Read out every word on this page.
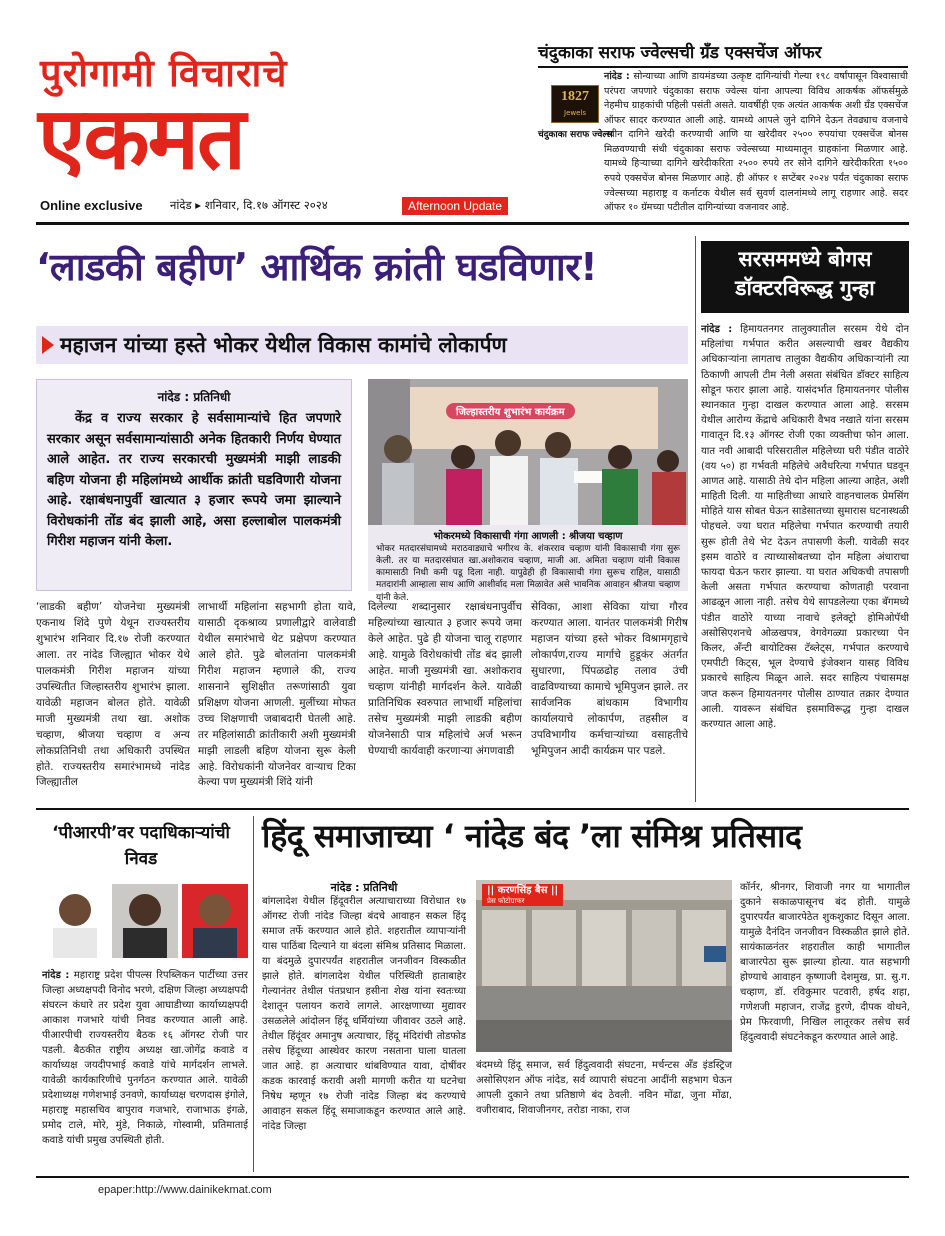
पुरोगामी विचाराचे
एकमत
Online exclusive नांदेड ▸ शनिवार, दि.१७ ऑगस्ट २०२४	Afternoon Update
चंदुकाका सराफ ज्वेल्सची ग्रँड एक्सचेंज ऑफर
1827
Jewels
चंदुकाका सराफ ज्वेल्स
नांदेड : सोन्याच्या आणि डायमंडच्या उत्कृष्ट दागिन्यांची गेल्या १९८ वर्षांपासून विश्वासाची परंपरा जपणारे चंदुकाका सराफ ज्वेल्स यांना आपल्या विविध आकर्षक ऑफर्समुळे नेहमीच ग्राहकांची पहिली पसंती असते. यावर्षीही एक अत्यंत आकर्षक अशी ग्रँड एक्सचेंज ऑफर सादर करण्यात आली आहे. यामध्ये आपले जुने दागिने देऊन तेवढ्याच वजनाचे नवीन दागिने खरेदी करण्याची आणि या खरेदीवर २५०० रुपयांचा एक्सचेंज बोनस मिळवण्याची संधी चंदुकाका सराफ ज्वेल्सच्या माध्यमातून ग्राहकांना मिळणार आहे. यामध्ये हिऱ्याच्या दागिने खरेदीकरिता २५०० रुपये तर सोने दागिने खरेदीकरिता १५०० रुपये एक्सचेंज बोनस मिळणार आहे. ही ऑफर १ सप्टेंबर २०२४ पर्यंत चंदुकाका सराफ ज्वेल्सच्या महाराष्ट्र व कर्नाटक येथील सर्व सुवर्ण दालनांमध्ये लागू राहणार आहे. सदर ऑफर १० ग्रॅमच्या पटीतील दागिन्यांच्या वजनावर आहे.
‘लाडकी बहीण’ आर्थिक क्रांती घडविणार!
महाजन यांच्या हस्ते भोकर येथील विकास कामांचे लोकार्पण
नांदेड : प्रतिनिधी
केंद्र व राज्य सरकार हे सर्वसामान्यांचे हित जपणारे सरकार असून सर्वसामान्यांसाठी अनेक हितकारी निर्णय घेण्यात आले आहेत. तर राज्य सरकारची मुख्यमंत्री माझी लाडकी बहिण योजना ही महिलांमध्ये आर्थीक क्रांती घडविणारी योजना आहे. रक्षाबंधनापुर्वी खात्यात ३ हजार रूपये जमा झाल्याने विरोधकांनी तोंड बंद झाली आहे, असा हल्लाबोल पालकमंत्री गिरीश महाजन यांनी केला.
जिल्हास्तरीय शुभारंभ कार्यक्रम
भोकरमध्ये विकासाची गंगा आणली : श्रीजया चव्हाण
भोकर मतदारसंघामध्ये मराठवाड्याचे भगीरथ के. शंकरराव चव्हाण यांनी विकासाची गंगा सुरू केली. तर या मतदारसंघात खा.अशोकराव चव्हाण, माजी आ. अमिता चव्हाण यांनी विकास कामासाठी निधी कमी पडू दिला नाही. यापुढेही ही विकासाची गंगा सुरूच राहिल, यासाठी मतदारांनी आम्हाला साथ आणि आशीर्वाद मला मिळावेत असे भावनिक आवाहन श्रीजया चव्हाण यांनी केले.
‘लाडकी बहीण’ योजनेचा मुख्यमंत्री एकनाथ शिंदे पुणे येथून राज्यस्तरीय शुभारंभ शनिवार दि.१७ रोजी करण्यात आला. तर नांदेड जिल्ह्यात भोकर येथे पालकमंत्री गिरीश महाजन यांच्या उपस्थितीत जिल्हास्तरीय शुभारंभ झाला. यावेळी महाजन बोलत होते. यावेळी माजी मुख्यमंत्री तथा खा. अशोक चव्हाण, श्रीजया चव्हाण व अन्य लोकप्रतिनिधी तथा अधिकारी उपस्थित होते. राज्यस्तरीय समारंभामध्ये नांदेड जिल्ह्यातील
लाभार्थी महिलांना सहभागी होता यावे, यासाठी दृकश्राव्य प्रणालीद्वारे वालेवाडी येथील समारंभाचे थेट प्रक्षेपण करण्यात आले होते. पुढे बोलतांना पालकमंत्री गिरीश महाजन म्हणाले की, राज्य शासनाने सुशिक्षीत तरूणांसाठी युवा प्रशिक्षण योजना आणली. मुलींच्या मोफत उच्च शिक्षणाची जबाबदारी घेतली आहे. तर महिलांसाठी क्रांतीकारी अशी मुख्यमंत्री माझी लाडली बहिण योजना सुरू केली आहे. विरोधकांनी योजनेवर वाऱ्याच टिका केल्या पण मुख्यमंत्री शिंदे यांनी
दिलेल्या शब्दानुसार रक्षाबंधनापुर्वीच महिल्यांच्या खात्यात ३ हजार रूपये जमा केले आहेत. पुढे ही योजना चालू राहणार आहे. यामुळे विरोधकांची तोंड बंद झाली आहेत. माजी मुख्यमंत्री खा. अशोकराव चव्हाण यांनीही मार्गदर्शन केले. यावेळी प्रातिनिधिक स्वरुपात लाभार्थी महिलांचा तसेच मुख्यमंत्री माझी लाडकी बहीण योजनेसाठी पात्र महिलांचे अर्ज भरून घेण्याची कार्यवाही करणाऱ्या अंगणवाडी
सेविका, आशा सेविका यांचा गौरव करण्यात आला. यानंतर पालकमंत्री गिरीष महाजन यांच्या हस्ते भोकर विश्रामगृहाचे लोकार्पण,राज्य मार्गाचे हुडूकंर अंतर्गत सुधारणा, पिंपळढोह तलाव उंची वाढविण्याच्या कामाचे भूमिपुजन झाले. तर सार्वजनिक बांधकाम विभागीय कार्यालयाचे लोकार्पण, तहसील व उपविभागीय कर्मचाऱ्यांच्या वसाहतीचे भूमिपुजन आदी कार्यक्रम पार पडले.
सरसममध्ये बोगस डॉक्टरविरूद्ध गुन्हा
नांदेड : हिमायतनगर तालुक्यातील सरसम येथे दोन महिलांचा गर्भपात करीत असल्याची खबर वैद्यकीय अधिकाऱ्यांना लागताच तालुका वैद्यकीय अधिकाऱ्यांनी त्या ठिकाणी आपली टीम नेली असता संबंधित डॉक्टर साहित्य सोडून फरार झाला आहे. यासंदर्भात हिमायतनगर पोलीस स्थानकात गुन्हा दाखल करण्यात आला आहे. सरसम येथील आरोग्य केंद्राचे अधिकारी वैभव नखाते यांना सरसम गावातून दि.१३ ऑगस्ट रोजी एका व्यक्तीचा फोन आला. यात नवी आबादी परिसरातील महिलेच्या घरी पंडीत वाठोरे (वय ५०) हा गर्भवती महिलेचे अवैधरित्या गर्भपात घडवून आणत आहे. यासाठी तेथे दोन महिला आल्या आहेत, अशी माहिती दिली. या माहितीच्या आधारे वाहनचालक प्रेमसिंग मोहिते यास सोबत घेऊन साडेसातच्या सुमारास घटनास्थळी पोहचले. ज्या घरात महिलेचा गर्भपात करण्याची तयारी सुरू होती तेथे भेट देऊन तपासणी केली. यावेळी सदर इसम वाठोरे व त्याच्यासोबतच्या दोन महिला अंधाराचा फायदा घेऊन फरार झाल्या. या घरात अधिकची तपासणी केली असता गर्भपात करण्याचा कोणताही परवाना आढळून आला नाही. तसेच येथे सापडलेल्या एका बॅगमध्ये पंडीत वाठोरे याच्या नावाचे इलेक्ट्रो होमिओपॅथी असोसिएशनचे ओळखपत्र, वेगवेगळ्या प्रकारच्या पेन किलर, अँन्टी बायोटिक्स टॅब्लेट्स, गर्भपात करण्याचे एमपीटी किट्स, भूल देण्याचे इंजेक्शन यासह विविध प्रकारचे साहित्य मिळून आले. सदर साहित्य पंचासमक्ष जप्त करून हिमायतनगर पोलीस ठाण्यात तक्रार देण्यात आली. यावरून संबंधित इसमाविरूद्ध गुन्हा दाखल करण्यात आला आहे.
‘पीआरपी’वर पदाधिकाऱ्यांची निवड
नांदेड : महाराष्ट्र प्रदेश पीपल्स रिपब्लिकन पार्टीच्या उत्तर जिल्हा अध्यक्षपदी विनोद भरणे, दक्षिण जिल्हा अध्यक्षपदी संघरत्न कंधारे तर प्रदेश युवा आघाडीच्या कार्याध्यक्षपदी आकाश गजभारे यांची निवड करण्यात आली आहे. पीआरपीची राज्यस्तरीय बैठक १६ ऑगस्ट रोजी पार पडली. बैठकीत राष्ट्रीय अध्यक्ष खा.जोगेंद्र कवाडे व कार्याध्यक्ष जयदीपभाई कवाडे यांचे मार्गदर्शन लाभले. यावेळी कार्यकारिणीचे पुनर्गठन करण्यात आले. यावेळी प्रदेशाध्यक्ष गणेशभाई उनवणे, कार्याध्यक्ष चरणदास इंगोले, महाराष्ट्र महासचिव बापुराव गजभारे, राजाभाऊ इंगळे, प्रमोद टाले, मोरे, मुंडे, निकाळे, गोस्वामी, प्रतिमाताई कवाडे यांची प्रमुख उपस्थिती होती.
हिंदू समाजाच्या ‘ नांदेड बंद ’ला संमिश्र प्रतिसाद
नांदेड : प्रतिनिधी
बांगलादेश येथील हिंदूवरील अत्याचाराच्या विरोधात १७ ऑगस्ट रोजी नांदेड जिल्हा बंदचे आवाहन सकल हिंदू समाज तर्फे करण्यात आले होते. शहरातील व्यापाऱ्यांनी यास पाठिंबा दिल्याने या बंदला संमिश्र प्रतिसाद मिळाला. या बंदमुळे दुपारपर्यंत शहरातील जनजीवन विस्कळीत झाले होते. बांगलादेश येथील परिस्थिती हाताबाहेर गेल्यानंतर तेथील पंतप्रधान हसीना शेख यांना स्वतःच्या देशातून पलायन करावे लागले. आरक्षणाच्या मुद्यावर उसळलेले आंदोलन हिंदू धर्मियांच्या जीवावर उठले आहे. तेथील हिंदूंवर अमानुष अत्याचार, हिंदू मंदिरांची तोडफोड तसेच हिंदूच्या आस्थेवर कारण नसताना घाला घातला जात आहे. हा अत्याचार थांबविण्यात यावा, दोषींवर कडक कारवाई करावी अशी मागणी करीत या घटनेचा निषेध म्हणून १७ रोजी नांदेड जिल्हा बंद करण्याचे आवाहन सकल हिंदू समाजाकडून करण्यात आले आहे. नांदेड जिल्हा
|| करणसिंह बैस ||
प्रेस फोटोग्राफर
बंदमध्ये हिंदू समाज, सर्व हिंदुत्ववादी संघटना, मर्चन्टस अँड इंडस्ट्रिज असोसिएशन ऑफ नांदेड, सर्व व्यापारी संघटना आदींनी सहभाग घेऊन आपली दुकाने तथा प्रतिष्ठाणे बंद ठेवली. नविन मोंढा, जुना मोंढा, वजीराबाद, शिवाजीनगर, तरोडा नाका, राज
कॉर्नर, श्रीनगर, शिवाजी नगर या भागातील दुकाने सकाळपासूनच बंद होती. यामुळे दुपारपर्यंत बाजारपेठेत शुकशुकाट दिसून आला. यामुळे दैनंदिन जनजीवन विस्कळीत झाले होते. सायंकाळनंतर शहरातील काही भागातील बाजारपेठा सुरू झाल्या होत्या. यात सहभागी होण्याचे आवाहन कृष्णाजी देशमुख, प्रा. सु.ग. चव्हाण, डॉ. रविकुमार पटवारी, हर्षद शहा, गणेशजी महाजन, राजेंद्र हुरणे, दीपक वोधने, प्रेम फिरवाणी, निखिल लातूरकर तसेच सर्व हिंदुत्ववादी संघटनेकडून करण्यात आले आहे.
epaper:http://www.dainikekmat.com
